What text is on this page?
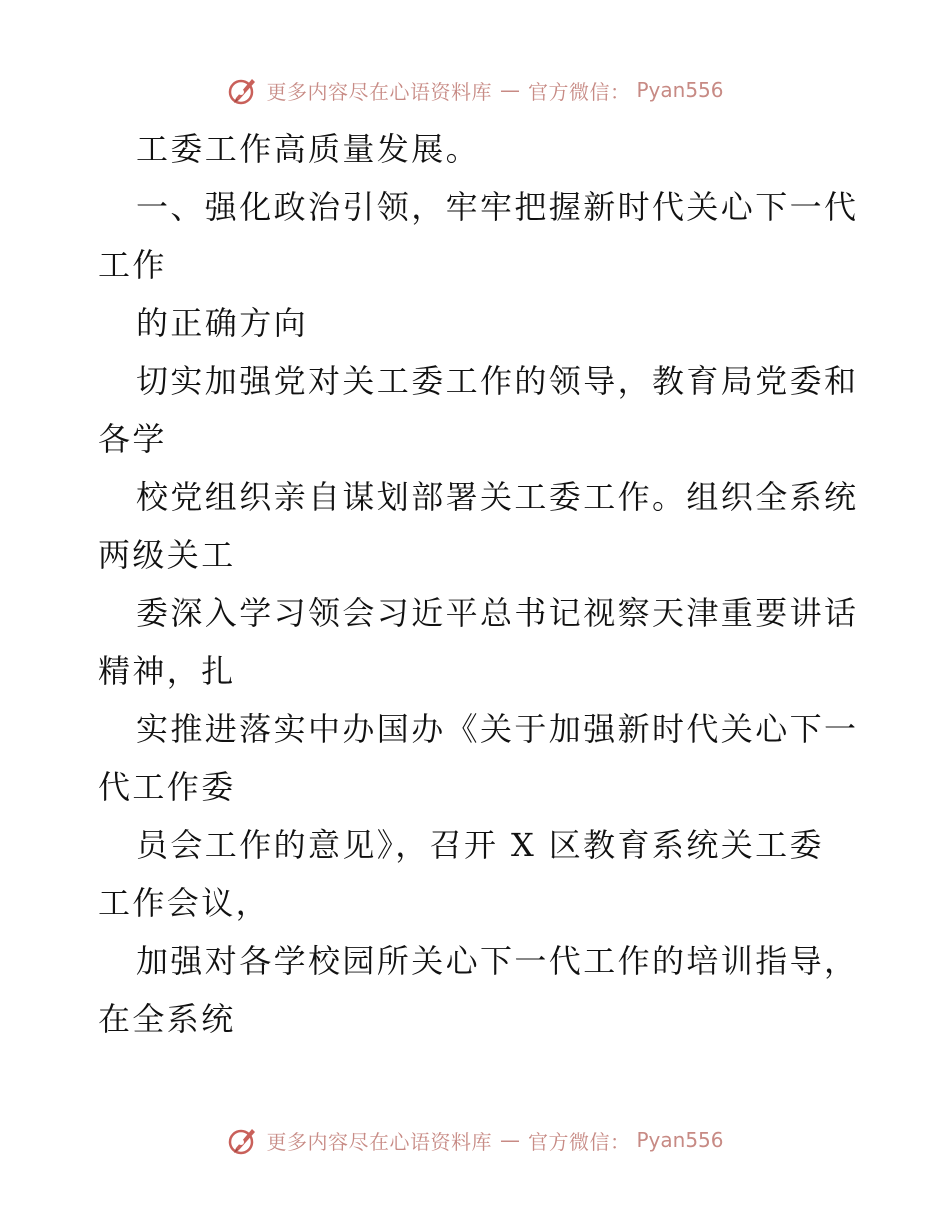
更多内容尽在心语资料库 — 官方微信： Pyan556
工委工作高质量发展。
一、强化政治引领，牢牢把握新时代关心下一代
工作
的正确方向
切实加强党对关工委工作的领导，教育局党委和
各学
校党组织亲自谋划部署关工委工作。组织全系统
两级关工
委深入学习领会习近平总书记视察天津重要讲话
精神，扎
实推进落实中办国办《关于加强新时代关心下一
代工作委
员会工作的意见》，召开 X 区教育系统关工委
工作会议，
加强对各学校园所关心下一代工作的培训指导，
在全系统
更多内容尽在心语资料库 — 官方微信： Pyan556
